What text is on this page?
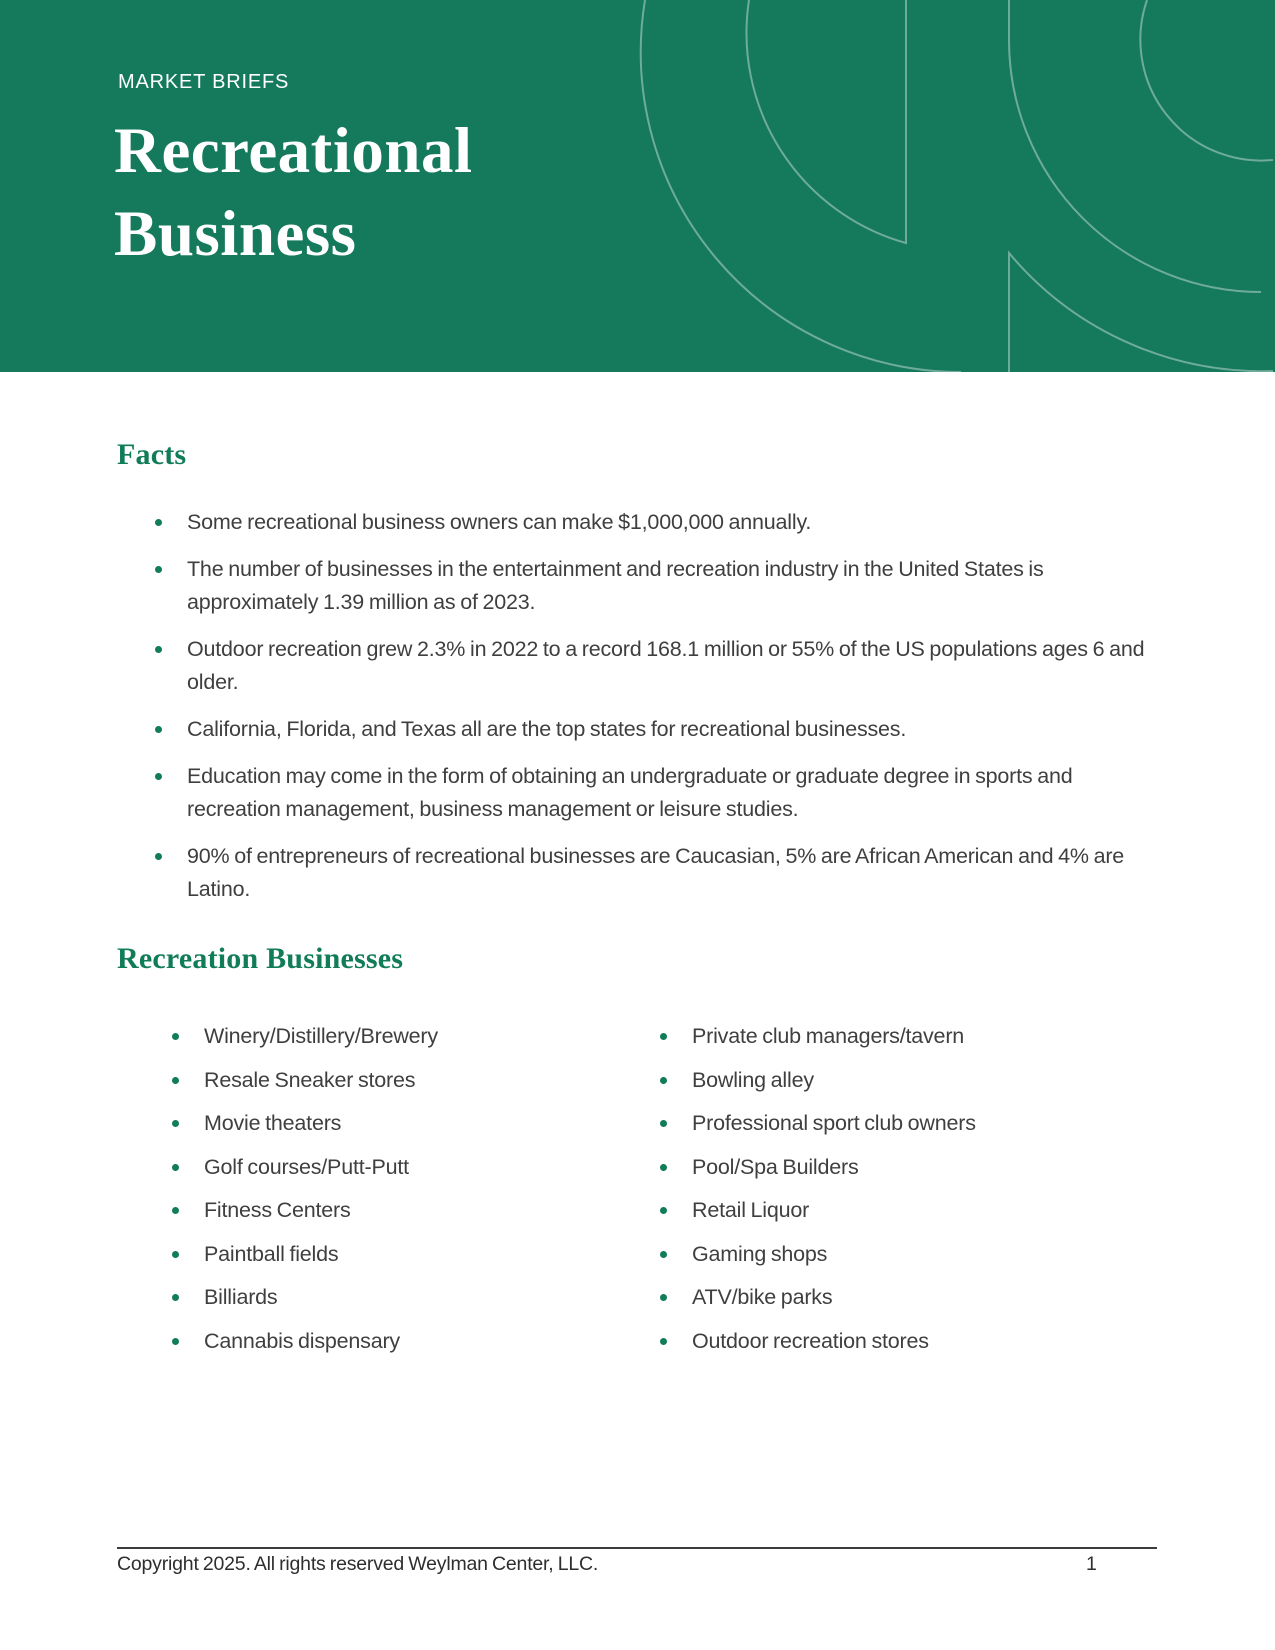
MARKET BRIEFS

Recreational
Business
Facts
Some recreational business owners can make $1,000,000 annually.
The number of businesses in the entertainment and recreation industry in the United States is approximately 1.39 million as of 2023.
Outdoor recreation grew 2.3% in 2022 to a record 168.1 million or 55% of the US populations ages 6 and older.
California, Florida, and Texas all are the top states for recreational businesses.
Education may come in the form of obtaining an undergraduate or graduate degree in sports and recreation management, business management or leisure studies.
90% of entrepreneurs of recreational businesses are Caucasian, 5% are African American and 4% are Latino.
Recreation Businesses
Winery/Distillery/Brewery
Resale Sneaker stores
Movie theaters
Golf courses/Putt-Putt
Fitness Centers
Paintball fields
Billiards
Cannabis dispensary
Private club managers/tavern
Bowling alley
Professional sport club owners
Pool/Spa Builders
Retail Liquor
Gaming shops
ATV/bike parks
Outdoor recreation stores
Copyright 2025. All rights reserved Weylman Center, LLC.	1
